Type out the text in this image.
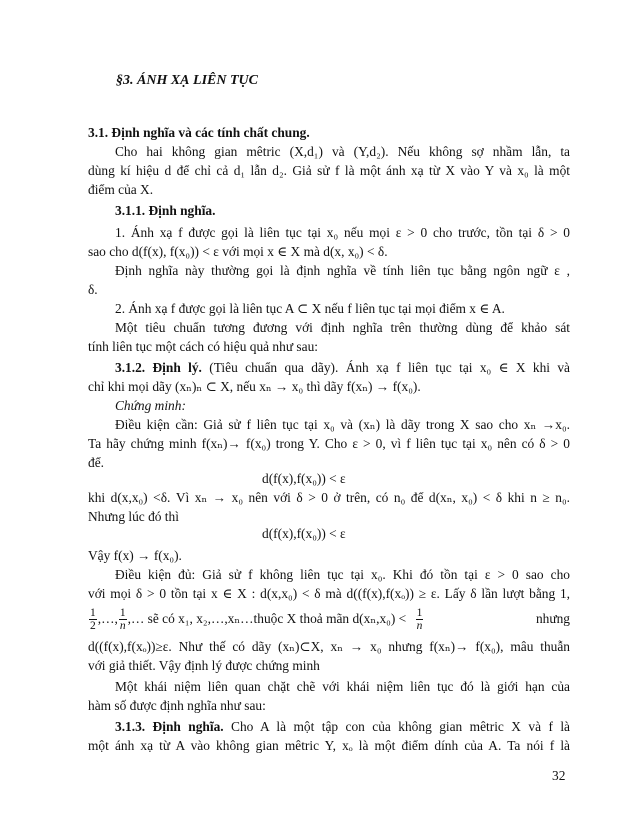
§3. ÁNH XẠ LIÊN TỤC
3.1. Định nghĩa và các tính chất chung.
Cho hai không gian mêtric (X,d₁) và (Y,d₂). Nếu không sợ nhầm lẫn, ta
dùng kí hiệu d để chỉ cả d₁ lẫn d₂. Giả sử f là một ánh xạ từ X vào Y và x₀ là một
điểm của X.
3.1.1. Định nghĩa.
1. Ánh xạ f được gọi là liên tục tại x₀ nếu mọi ε > 0 cho trước, tồn tại δ > 0
sao cho d(f(x), f(x₀)) < ε với mọi x ∈ X mà d(x, x₀) < δ.
Định nghĩa này thường gọi là định nghĩa về tính liên tục bằng ngôn ngữ ε ,
δ.
2. Ánh xạ f được gọi là liên tục A ⊂ X nếu f liên tục tại mọi điểm x ∈ A.
Một tiêu chuẩn tương đương với định nghĩa trên thường dùng để khảo sát
tính liên tục một cách có hiệu quả như sau:
3.1.2. Định lý. (Tiêu chuẩn qua dãy). Ánh xạ f liên tục tại x₀ ∈ X khi và
chỉ khi mọi dãy (xₙ)ₙ ⊂ X, nếu xₙ → x₀ thì dãy f(xₙ) → f(x₀).
Chứng minh:
Điều kiện cần: Giả sử f liên tục tại x₀ và (xₙ) là dãy trong X sao cho xₙ →x₀.
Ta hãy chứng minh f(xₙ)→ f(x₀) trong Y. Cho ε > 0, vì f liên tục tại x₀ nên có δ > 0
để.
d(f(x),f(x₀)) < ε
khi d(x,x₀) <δ. Vì xₙ → x₀ nên với δ > 0 ở trên, có n₀ để d(xₙ, x₀) < δ khi n ≥ n₀.
Nhưng lúc đó thì
d(f(x),f(x₀)) < ε
Vậy f(x) → f(x₀).
Điều kiện đủ: Giả sử f không liên tục tại x₀. Khi đó tồn tại ε > 0 sao cho
với mọi δ > 0 tồn tại x ∈ X : d(x,x₀) < δ mà d((f(x),f(xₒ)) ≥ ε. Lấy δ lần lượt bằng 1,
$\frac{1}{2}$ ,…, $\frac{1}{n}$ ,… sẽ có x₁, x₂,…,xₙ…thuộc X thoả mãn $d(x_n,x_0) < \frac{1}{n}$	nhưng
d((f(x),f(xₒ))≥ε. Như thế có dãy (xₙ)⊂X, xₙ → x₀ nhưng f(xₙ)→ f(x₀), mâu thuẫn
với giả thiết. Vậy định lý được chứng minh
Một khái niệm liên quan chặt chẽ với khái niệm liên tục đó là giới hạn của
hàm số được định nghĩa như sau:
3.1.3. Định nghĩa. Cho A là một tập con của không gian mêtric X và f là
một ánh xạ từ A vào không gian mêtric Y, xₒ là một điểm dính của A. Ta nói f là
32
